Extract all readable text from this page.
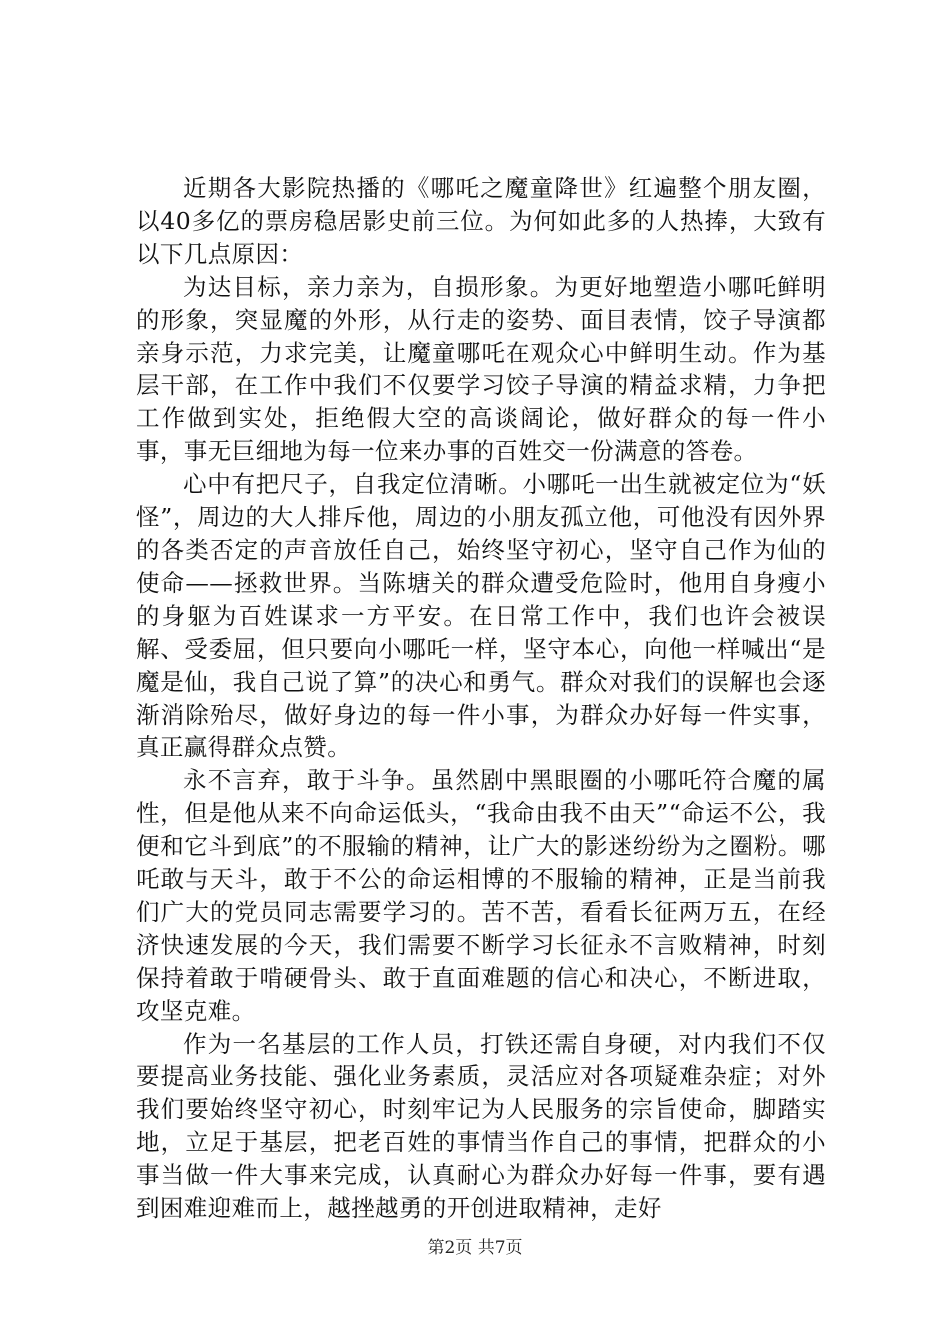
近期各大影院热播的《哪吒之魔童降世》红遍整个朋友圈，以40多亿的票房稳居影史前三位。为何如此多的人热捧，大致有以下几点原因：

为达目标，亲力亲为，自损形象。为更好地塑造小哪吒鲜明的形象，突显魔的外形，从行走的姿势、面目表情，饺子导演都亲身示范，力求完美，让魔童哪吒在观众心中鲜明生动。作为基层干部，在工作中我们不仅要学习饺子导演的精益求精，力争把工作做到实处，拒绝假大空的高谈阔论，做好群众的每一件小事，事无巨细地为每一位来办事的百姓交一份满意的答卷。

心中有把尺子，自我定位清晰。小哪吒一出生就被定位为“妖怪”，周边的大人排斥他，周边的小朋友孤立他，可他没有因外界的各类否定的声音放任自己，始终坚守初心，坚守自己作为仙的使命——拯救世界。当陈塘关的群众遭受危险时，他用自身瘦小的身躯为百姓谋求一方平安。在日常工作中，我们也许会被误解、受委屈，但只要向小哪吒一样，坚守本心，向他一样喊出“是魔是仙，我自己说了算”的决心和勇气。群众对我们的误解也会逐渐消除殆尽，做好身边的每一件小事，为群众办好每一件实事，真正赢得群众点赞。

永不言弃，敢于斗争。虽然剧中黑眼圈的小哪吒符合魔的属性，但是他从来不向命运低头，“我命由我不由天”“命运不公，我便和它斗到底”的不服输的精神，让广大的影迷纷纷为之圈粉。哪吒敢与天斗，敢于不公的命运相博的不服输的精神，正是当前我们广大的党员同志需要学习的。苦不苦，看看长征两万五，在经济快速发展的今天，我们需要不断学习长征永不言败精神，时刻保持着敢于啃硬骨头、敢于直面难题的信心和决心，不断进取，攻坚克难。

作为一名基层的工作人员，打铁还需自身硬，对内我们不仅要提高业务技能、强化业务素质，灵活应对各项疑难杂症；对外我们要始终坚守初心，时刻牢记为人民服务的宗旨使命，脚踏实地，立足于基层，把老百姓的事情当作自己的事情，把群众的小事当做一件大事来完成，认真耐心为群众办好每一件事，要有遇到困难迎难而上，越挫越勇的开创进取精神，走好

第2页 共7页
